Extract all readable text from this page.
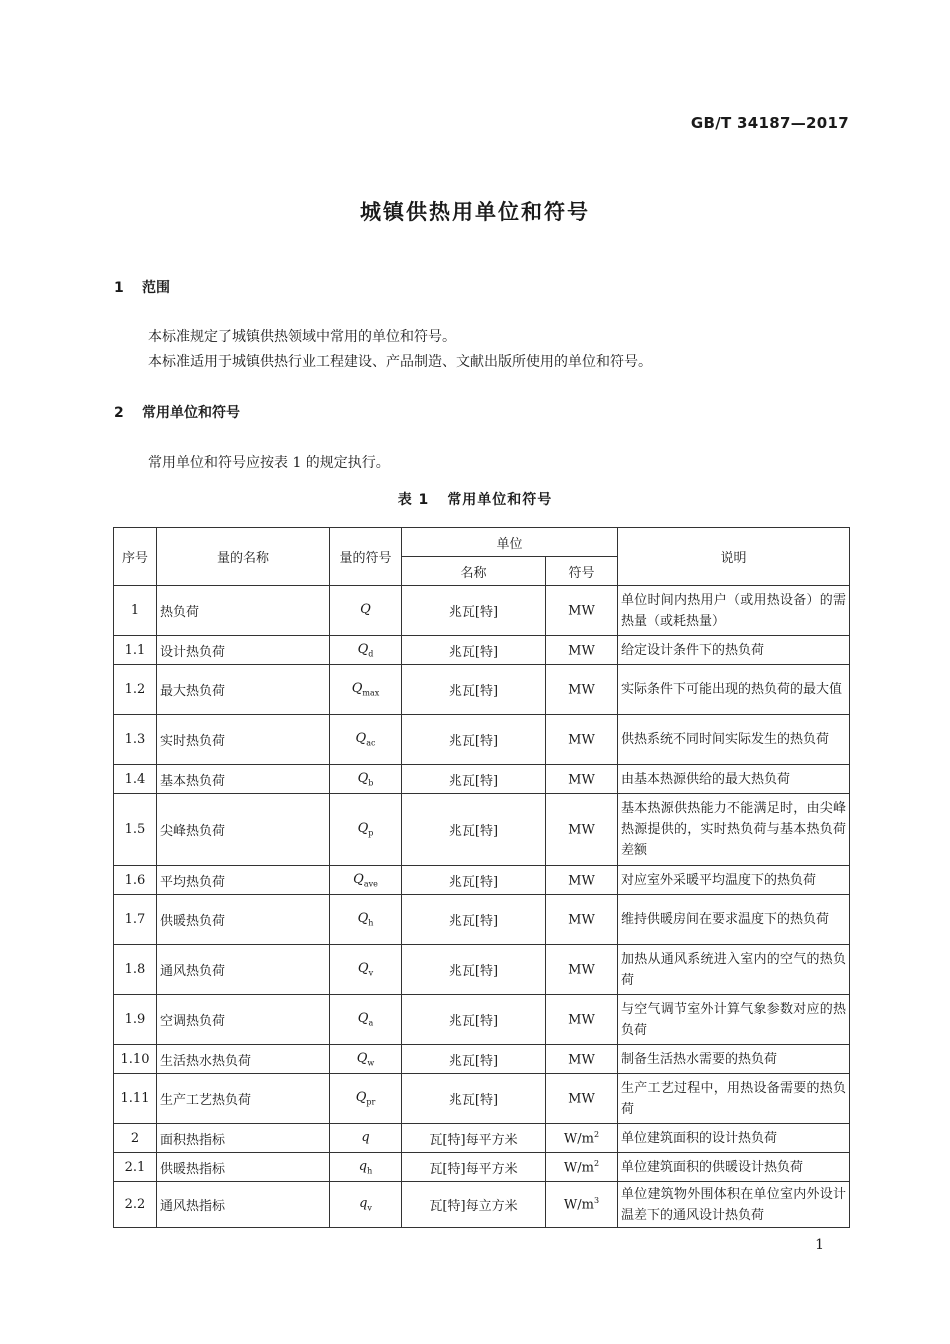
GB/T 34187—2017
城镇供热用单位和符号
1 范围
本标准规定了城镇供热领域中常用的单位和符号。
本标准适用于城镇供热行业工程建设、产品制造、文献出版所使用的单位和符号。
2 常用单位和符号
常用单位和符号应按表 1 的规定执行。
表 1 常用单位和符号
序号	量的名称	量的符号	单位		说明
			名称	符号	
1	热负荷	Q	兆瓦[特]	MW	单位时间内热用户（或用热设备）的需热量（或耗热量）
1.1	设计热负荷	$Q_d$	兆瓦[特]	MW	给定设计条件下的热负荷
1.2	最大热负荷	$Q_{max}$	兆瓦[特]	MW	实际条件下可能出现的热负荷的最大值
1.3	实时热负荷	$Q_{ac}$	兆瓦[特]	MW	供热系统不同时间实际发生的热负荷
1.4	基本热负荷	$Q_b$	兆瓦[特]	MW	由基本热源供给的最大热负荷
1.5	尖峰热负荷	$Q_p$	兆瓦[特]	MW	基本热源供热能力不能满足时，由尖峰热源提供的，实时热负荷与基本热负荷差额
1.6	平均热负荷	$Q_{ave}$	兆瓦[特]	MW	对应室外采暖平均温度下的热负荷
1.7	供暖热负荷	$Q_h$	兆瓦[特]	MW	维持供暖房间在要求温度下的热负荷
1.8	通风热负荷	$Q_v$	兆瓦[特]	MW	加热从通风系统进入室内的空气的热负荷
1.9	空调热负荷	$Q_a$	兆瓦[特]	MW	与空气调节室外计算气象参数对应的热负荷
1.10	生活热水热负荷	$Q_w$	兆瓦[特]	MW	制备生活热水需要的热负荷
1.11	生产工艺热负荷	$Q_{pr}$	兆瓦[特]	MW	生产工艺过程中，用热设备需要的热负荷
2	面积热指标	q	瓦[特]每平方米	$W/m^2$	单位建筑面积的设计热负荷
2.1	供暖热指标	$q_h$	瓦[特]每平方米	$W/m^2$	单位建筑面积的供暖设计热负荷
2.2	通风热指标	$q_v$	瓦[特]每立方米	$W/m^3$	单位建筑物外围体积在单位室内外设计温差下的通风设计热负荷
1
